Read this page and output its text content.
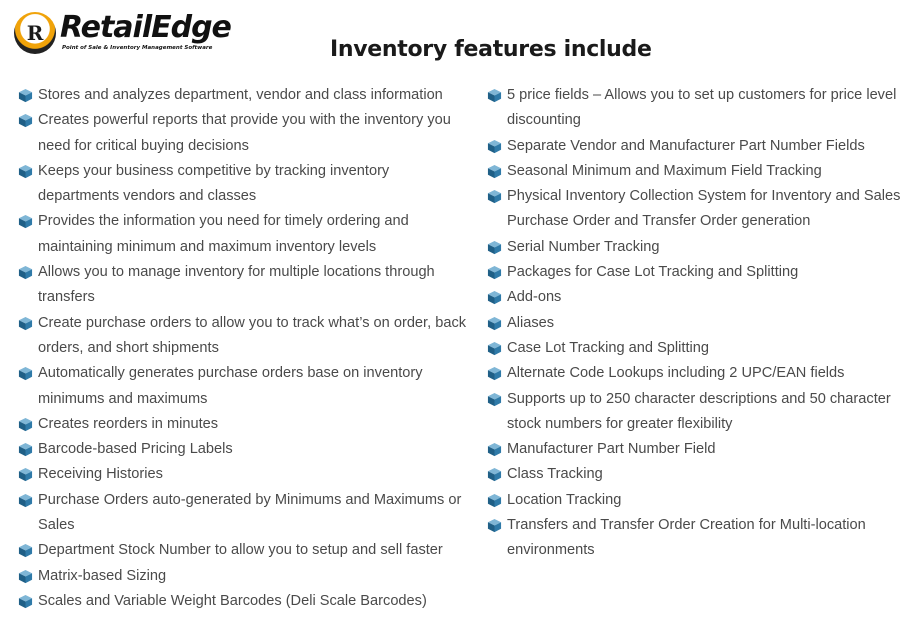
R RetailEdge
Point of Sale & Inventory Management Software	Inventory features include
Stores and analyzes department, vendor and class information
Creates powerful reports that provide you with the inventory you need for critical buying decisions
Keeps your business competitive by tracking inventory departments vendors and classes
Provides the information you need for timely ordering and maintaining minimum and maximum inventory levels
Allows you to manage inventory for multiple locations through transfers
Create purchase orders to allow you to track what’s on order, back orders, and short shipments
Automatically generates purchase orders base on inventory minimums and maximums
Creates reorders in minutes
Barcode-based Pricing Labels
Receiving Histories
Purchase Orders auto-generated by Minimums and Maximums or Sales
Department Stock Number to allow you to setup and sell faster
Matrix-based Sizing
Scales and Variable Weight Barcodes (Deli Scale Barcodes)
5 price fields – Allows you to set up customers for price level discounting
Separate Vendor and Manufacturer Part Number Fields
Seasonal Minimum and Maximum Field Tracking
Physical Inventory Collection System for Inventory and Sales Purchase Order and Transfer Order generation
Serial Number Tracking
Packages for Case Lot Tracking and Splitting
Add-ons
Aliases
Case Lot Tracking and Splitting
Alternate Code Lookups including 2 UPC/EAN fields
Supports up to 250 character descriptions and 50 character stock numbers for greater flexibility
Manufacturer Part Number Field
Class Tracking
Location Tracking
Transfers and Transfer Order Creation for Multi-location environments
